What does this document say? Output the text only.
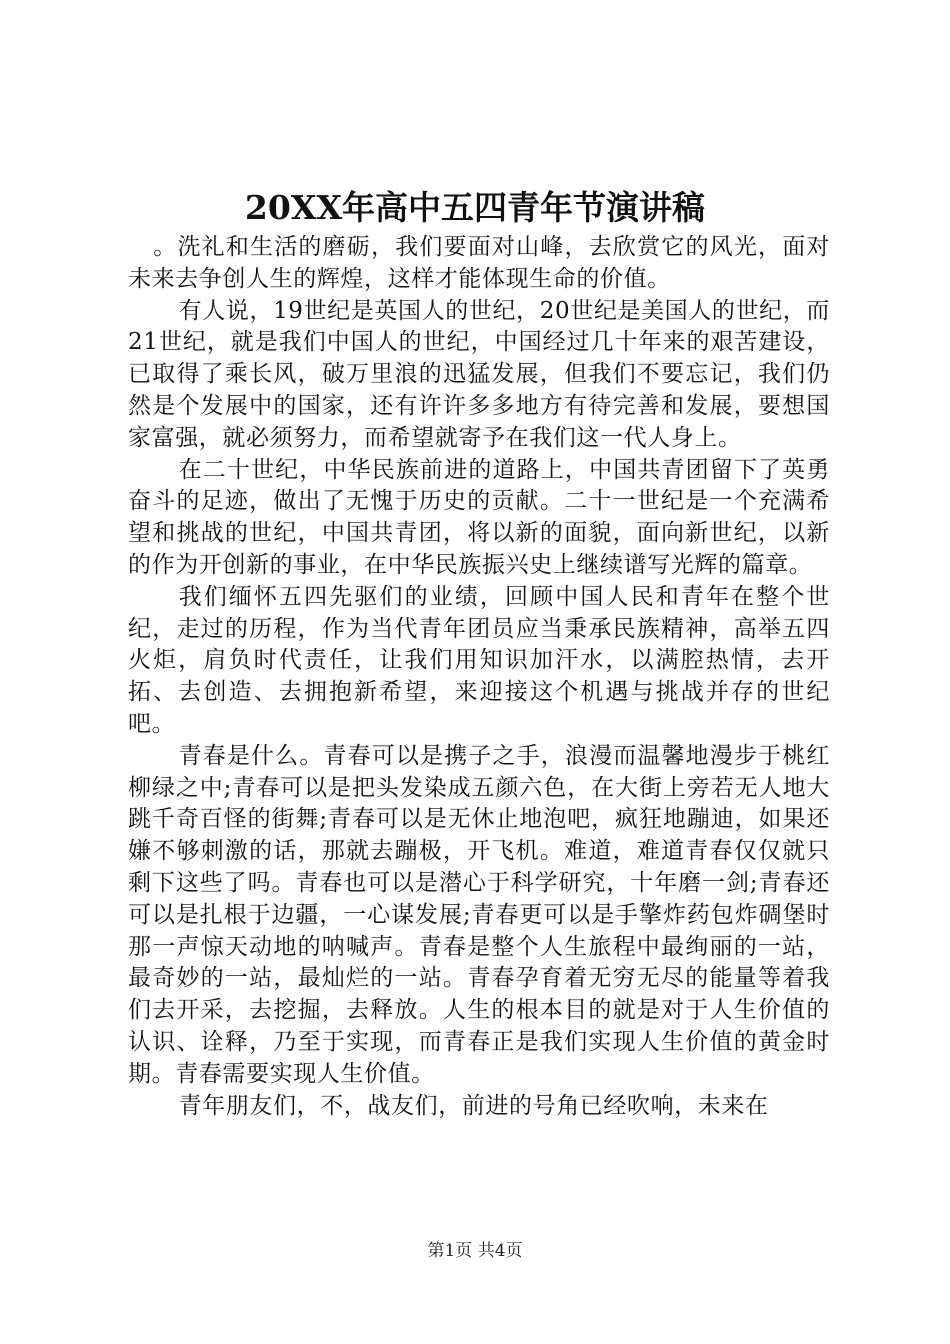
20XX年高中五四青年节演讲稿

。洗礼和生活的磨砺，我们要面对山峰，去欣赏它的风光，面对未来去争创人生的辉煌，这样才能体现生命的价值。

有人说，19世纪是英国人的世纪，20世纪是美国人的世纪，而21世纪，就是我们中国人的世纪，中国经过几十年来的艰苦建设，已取得了乘长风，破万里浪的迅猛发展，但我们不要忘记，我们仍然是个发展中的国家，还有许许多多地方有待完善和发展，要想国家富强，就必须努力，而希望就寄予在我们这一代人身上。

在二十世纪，中华民族前进的道路上，中国共青团留下了英勇奋斗的足迹，做出了无愧于历史的贡献。二十一世纪是一个充满希望和挑战的世纪，中国共青团，将以新的面貌，面向新世纪，以新的作为开创新的事业，在中华民族振兴史上继续谱写光辉的篇章。

我们缅怀五四先驱们的业绩，回顾中国人民和青年在整个世纪，走过的历程，作为当代青年团员应当秉承民族精神，高举五四火炬，肩负时代责任，让我们用知识加汗水，以满腔热情，去开拓、去创造、去拥抱新希望，来迎接这个机遇与挑战并存的世纪吧。

青春是什么。青春可以是携子之手，浪漫而温馨地漫步于桃红柳绿之中;青春可以是把头发染成五颜六色，在大街上旁若无人地大跳千奇百怪的街舞;青春可以是无休止地泡吧，疯狂地蹦迪，如果还嫌不够刺激的话，那就去蹦极，开飞机。难道，难道青春仅仅就只剩下这些了吗。青春也可以是潜心于科学研究，十年磨一剑;青春还可以是扎根于边疆，一心谋发展;青春更可以是手擎炸药包炸碉堡时那一声惊天动地的呐喊声。青春是整个人生旅程中最绚丽的一站，最奇妙的一站，最灿烂的一站。青春孕育着无穷无尽的能量等着我们去开采，去挖掘，去释放。人生的根本目的就是对于人生价值的认识、诠释，乃至于实现，而青春正是我们实现人生价值的黄金时期。青春需要实现人生价值。

青年朋友们，不，战友们，前进的号角已经吹响，未来在

第1页 共4页
